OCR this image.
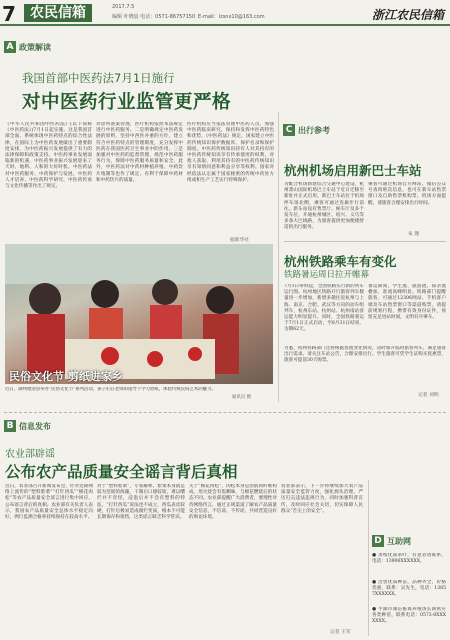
7	农民信箱	2017.7.5
编辑 叶晓晨 电话：0571-86757150 E-mail：lzsnx10@163.com	浙江农民信箱
A 政策解读
我国首部中医药法7月1日施行
对中医药行业监管更严格
《中华人民共和国中医药法》(以下简称《中医药法》)7月1日起实施。这是我国首部全面、系统体现中医药特点的综合性法律，在国际上为中医药发展做出了重要制度安排，为中医药振兴发展提供了有力的法律保障和政策支持。中医药事业发展面临新的机遇，中医药事业振兴发展迎来了天时、地利、人和的大好时机。中医药法对中医药服务、中药保护与发展、中医药人才培养、中医药科学研究、中医药传承与文化传播等作出了规定。
对诊所备案管理，医疗机构依照本法规定进行中医药服务。二是明确规定中医药发展的原则，坚持中西医并重的方针，建立符合中医药特点的管理制度，充分发挥中医药在我国医药卫生事业中的作用。三是加强对中医药的监督管理，规范中医药服务行为，保障中医药服务质量和安全。此外，中医药法对中药材种植养殖、中药饮片炮制等也作了规定，有利于保障中药材和中药饮片的质量。
医疗机构应当依法管理中医药人员，加强中医药临床研究，保持和发挥中医药特色和优势。《中医药法》规定，国家建立中医药传统知识保护数据库、保护名录和保护制度。中医药传统知识持有人对其持有的中医药传统知识享有传承使用的权利，对他人获取、利用其持有的中医药传统知识享有知情同意和利益分享等权利。国家对经依法认定属于国家秘密的传统中药处方组成和生产工艺实行特殊保护。
据新华社
民俗文化节 剪纸进家乡
近日，湖州德清县举办“民俗文化节”系列活动，孩子们在老师的指导下学习剪纸，体验传统民间艺术的魅力。
通讯员 摄
C 出行参考
杭州机场启用新巴士车站
为配合机场新建综合交通中心建设，杭州萧山国际机场巴士车站于近日迁移至新址并正式启用。新巴士车站位于机场停车场北侧，乘客可通过连廊步行前往。新车站设有售票厅、候车厅及多个发车位，开通杭州城区、绍兴、义乌等多条大巴线路，为旅客提供更加便捷舒适的出行服务。
乘客可通过机场官方网站、微信公众号查询班次信息，也可在新车站售票窗口及自助售票机购票。机场方面提醒，请旅客合理安排出行时间。
朱 理
杭州铁路乘车有变化
铁路暑运周日拉开帷幕
7月1日零时起，全国铁路实行新的列车运行图。杭州地区铁路开行旅客列车数量进一步增加，新增多趟往返杭州与上海、南京、合肥、武汉等方向的动车组列车，杭州东站、杭州站、杭州南站客运能力明显提升。同时，全国铁路暑运于7月1日正式启动，至8月31日结束，为期62天。
暑运期间，学生流、旅游流、探亲流叠加，客流高峰明显。铁路部门提醒旅客，可通过12306网站、手机客户端及车站售票窗口等渠道购票，请提前规划行程，携带有效身份证件，预留充足进站时间，文明有序乘车。
另悉，杭州铁路部门还将根据客流变化情况，适时加开临时旅客列车，满足旅客出行需求。请关注车站公告，合理安排出行。学生旅客可凭学生证购买优惠票，旅客可提前30天购票。
记者 刘明
B 信息发布
农业部辟谣
公布农产品质量安全谣言背后真相
近日，农业部召开新闻发布会，针对近期网络上流传的“塑料紫菜”“打针西瓜”“棉花肉松”等农产品质量安全谣言进行集中回应，公布谣言背后的真相。农业部有关负责人表示，我国农产品质量安全总体水平稳定向好，例行监测合格率持续保持在较高水平。
对于“塑料紫菜”，专家解释，紫菜本身就是较为坚韧的海藻，干制后口感较韧，难以嚼烂并不奇怪，浸泡后并不会有塑料的特征。“打针西瓜”说法也不成立，西瓜表皮较硬，打针后极易造成腐烂变质，根本不可能长期保存和销售，这类谣言缺乏科学常识。
关于“棉花肉松”，肉松本身是由肌肉纤维构成，用火烧会有焦糊味，与棉花燃烧后的状态不同。农业部提醒广大消费者，要理性对待网络传言，通过正规渠道了解农产品质量安全信息，不信谣、不传谣，共同营造良好的舆论环境。
农业部表示，下一步将继续加大农产品质量安全监管力度，强化源头治理，严厉打击违法违规行为，同时加强科普宣传，及时回应社会关切，切实保障人民群众“舌尖上的安全”。
记者 王军
D 互助网
● 求购优质茶叶，有意者请联系，电话：13906XXXXXX。
● 出售优质种苗，品种齐全，价格优惠，联系：吴先生，电话：13857XXXXXX。
● 平湖市诚信畜禽养殖场长期供应各类种苗，联系电话：0573-8XXXXXXX。
